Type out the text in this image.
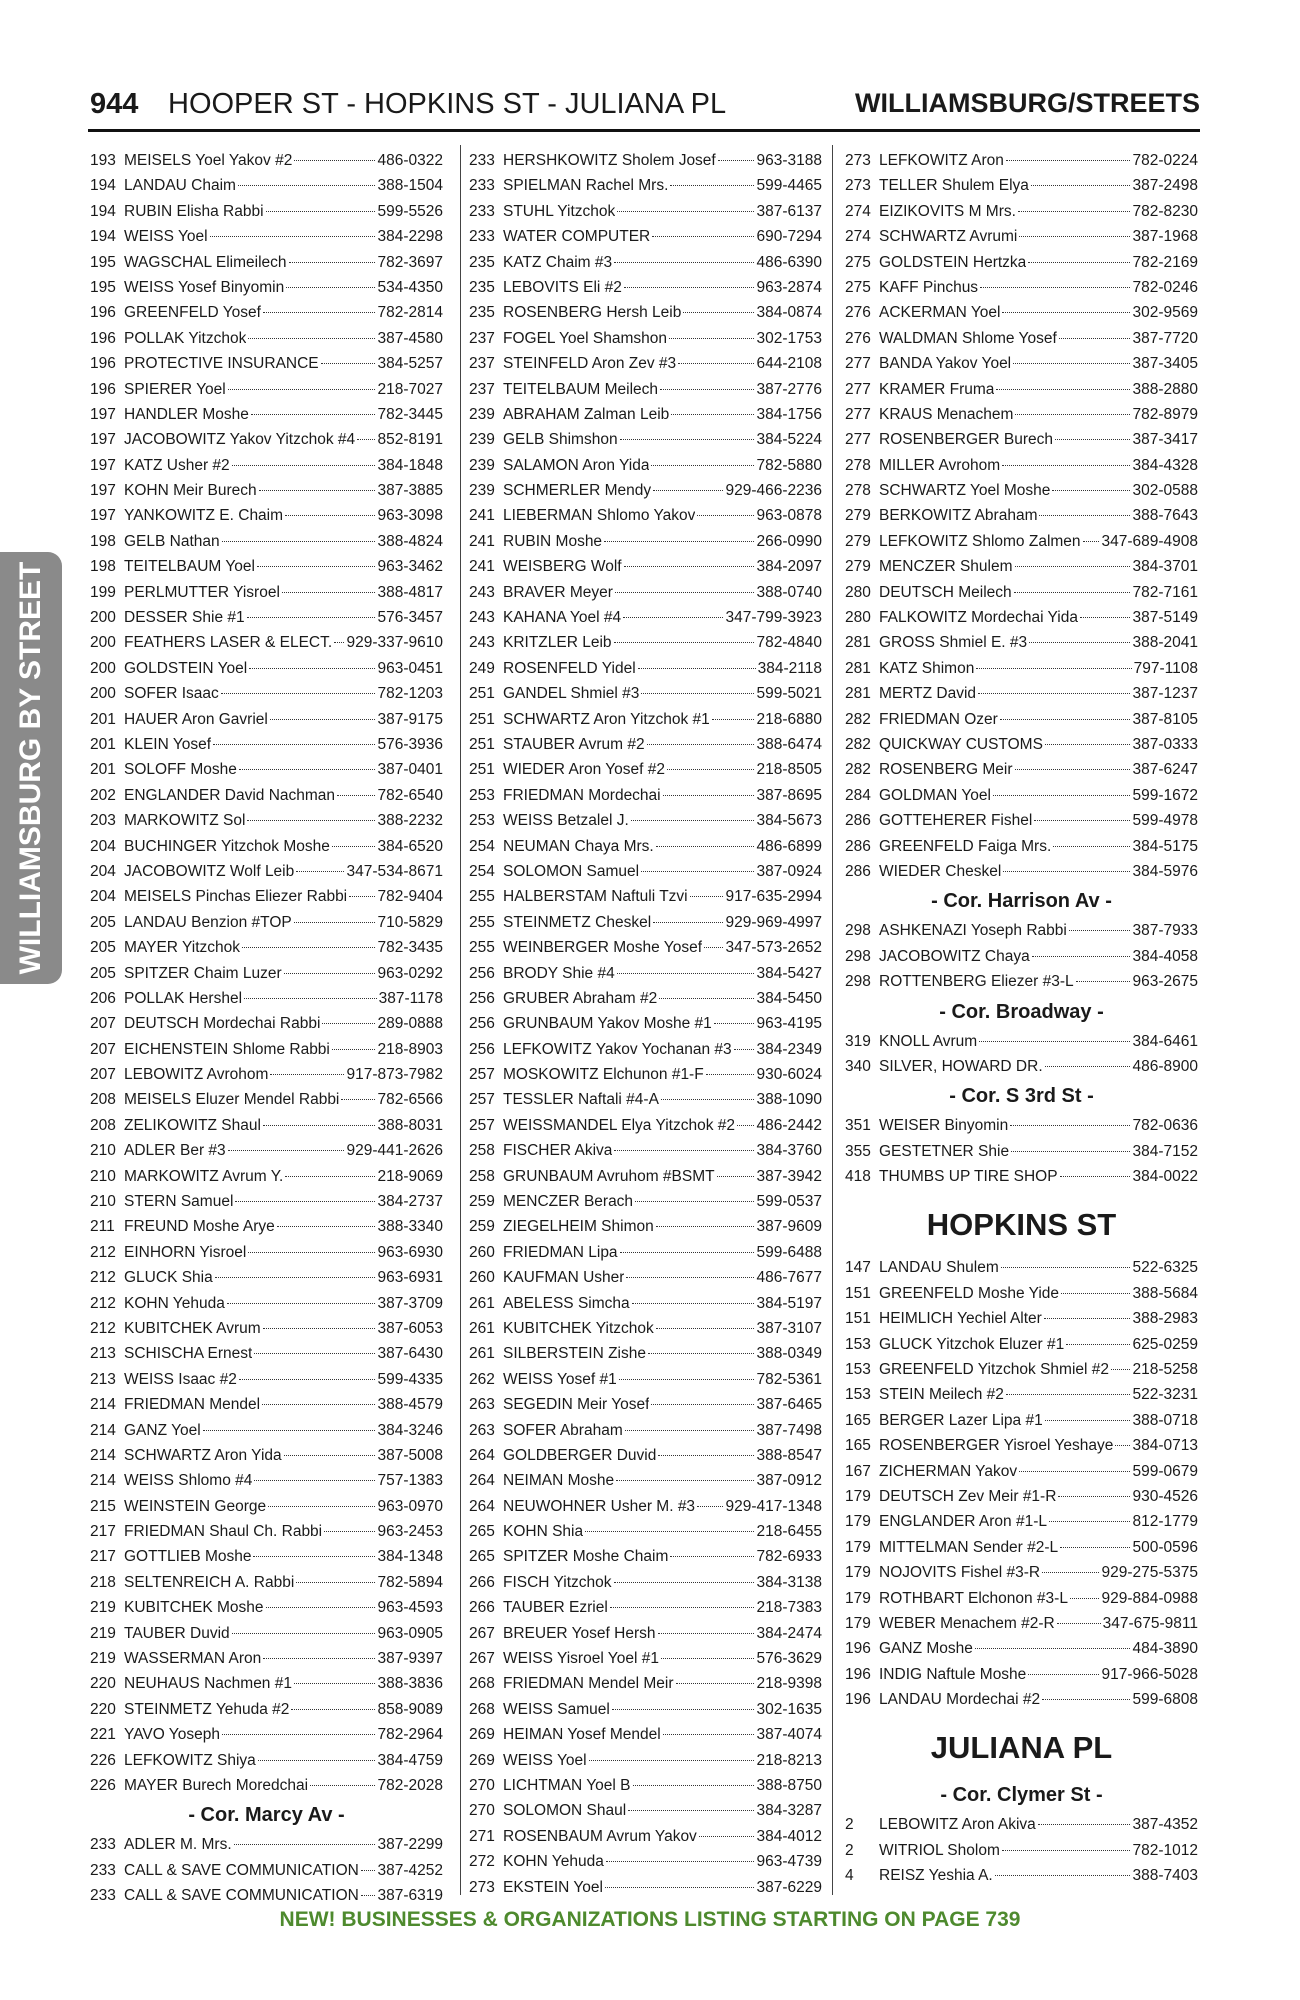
944 HOOPER ST - HOPKINS ST - JULIANA PL	WILLIAMSBURG/STREETS
WILLIAMSBURG BY STREET
193 MEISELS Yoel Yakov #2	486-0322
194 LANDAU Chaim	388-1504
194 RUBIN Elisha Rabbi	599-5526
194 WEISS Yoel	384-2298
195 WAGSCHAL Elimeilech	782-3697
195 WEISS Yosef Binyomin	534-4350
196 GREENFELD Yosef	782-2814
196 POLLAK Yitzchok	387-4580
196 PROTECTIVE INSURANCE	384-5257
196 SPIERER Yoel	218-7027
197 HANDLER Moshe	782-3445
197 JACOBOWITZ Yakov Yitzchok #4 852-8191
197 KATZ Usher #2	384-1848
197 KOHN Meir Burech	387-3885
197 YANKOWITZ E. Chaim	963-3098
198 GELB Nathan	388-4824
198 TEITELBAUM Yoel	963-3462
199 PERLMUTTER Yisroel	388-4817
200 DESSER Shie #1	576-3457
200 FEATHERS LASER & ELECT. 929-337-9610
200 GOLDSTEIN Yoel	963-0451
200 SOFER Isaac	782-1203
201 HAUER Aron Gavriel	387-9175
201 KLEIN Yosef	576-3936
201 SOLOFF Moshe	387-0401
202 ENGLANDER David Nachman	782-6540
203 MARKOWITZ Sol	388-2232
204 BUCHINGER Yitzchok Moshe	384-6520
204 JACOBOWITZ Wolf Leib	347-534-8671
204 MEISELS Pinchas Eliezer Rabbi 782-9404
205 LANDAU Benzion #TOP	710-5829
205 MAYER Yitzchok	782-3435
205 SPITZER Chaim Luzer	963-0292
206 POLLAK Hershel	387-1178
207 DEUTSCH Mordechai Rabbi	289-0888
207 EICHENSTEIN Shlome Rabbi	218-8903
207 LEBOWITZ Avrohom	917-873-7982
208 MEISELS Eluzer Mendel Rabbi 782-6566
208 ZELIKOWITZ Shaul	388-8031
210 ADLER Ber #3	929-441-2626
210 MARKOWITZ Avrum Y.	218-9069
210 STERN Samuel	384-2737
211 FREUND Moshe Arye	388-3340
212 EINHORN Yisroel	963-6930
212 GLUCK Shia	963-6931
212 KOHN Yehuda	387-3709
212 KUBITCHEK Avrum	387-6053
213 SCHISCHA Ernest	387-6430
213 WEISS Isaac #2	599-4335
214 FRIEDMAN Mendel	388-4579
214 GANZ Yoel	384-3246
214 SCHWARTZ Aron Yida	387-5008
214 WEISS Shlomo #4	757-1383
215 WEINSTEIN George	963-0970
217 FRIEDMAN Shaul Ch. Rabbi	963-2453
217 GOTTLIEB Moshe	384-1348
218 SELTENREICH A. Rabbi	782-5894
219 KUBITCHEK Moshe	963-4593
219 TAUBER Duvid	963-0905
219 WASSERMAN Aron	387-9397
220 NEUHAUS Nachmen #1	388-3836
220 STEINMETZ Yehuda #2	858-9089
221 YAVO Yoseph	782-2964
226 LEFKOWITZ Shiya	384-4759
226 MAYER Burech Moredchai	782-2028
- Cor. Marcy Av -
233 ADLER M. Mrs.	387-2299
233 CALL & SAVE COMMUNICATION 387-4252
233 CALL & SAVE COMMUNICATION 387-6319
233 HERSHKOWITZ Sholem Josef	963-3188
233 SPIELMAN Rachel Mrs.	599-4465
233 STUHL Yitzchok	387-6137
233 WATER COMPUTER	690-7294
235 KATZ Chaim #3	486-6390
235 LEBOVITS Eli #2	963-2874
235 ROSENBERG Hersh Leib	384-0874
237 FOGEL Yoel Shamshon	302-1753
237 STEINFELD Aron Zev #3	644-2108
237 TEITELBAUM Meilech	387-2776
239 ABRAHAM Zalman Leib	384-1756
239 GELB Shimshon	384-5224
239 SALAMON Aron Yida	782-5880
239 SCHMERLER Mendy	929-466-2236
241 LIEBERMAN Shlomo Yakov	963-0878
241 RUBIN Moshe	266-0990
241 WEISBERG Wolf	384-2097
243 BRAVER Meyer	388-0740
243 KAHANA Yoel #4	347-799-3923
243 KRITZLER Leib	782-4840
249 ROSENFELD Yidel	384-2118
251 GANDEL Shmiel #3	599-5021
251 SCHWARTZ Aron Yitzchok #1	218-6880
251 STAUBER Avrum #2	388-6474
251 WIEDER Aron Yosef #2	218-8505
253 FRIEDMAN Mordechai	387-8695
253 WEISS Betzalel J.	384-5673
254 NEUMAN Chaya Mrs.	486-6899
254 SOLOMON Samuel	387-0924
255 HALBERSTAM Naftuli Tzvi 917-635-2994
255 STEINMETZ Cheskel	929-969-4997
255 WEINBERGER Moshe Yosef 347-573-2652
256 BRODY Shie #4	384-5427
256 GRUBER Abraham #2	384-5450
256 GRUNBAUM Yakov Moshe #1	963-4195
256 LEFKOWITZ Yakov Yochanan #3 384-2349
257 MOSKOWITZ Elchunon #1-F	930-6024
257 TESSLER Naftali #4-A	388-1090
257 WEISSMANDEL Elya Yitzchok #2 486-2442
258 FISCHER Akiva	384-3760
258 GRUNBAUM Avruhom #BSMT	387-3942
259 MENCZER Berach	599-0537
259 ZIEGELHEIM Shimon	387-9609
260 FRIEDMAN Lipa	599-6488
260 KAUFMAN Usher	486-7677
261 ABELESS Simcha	384-5197
261 KUBITCHEK Yitzchok	387-3107
261 SILBERSTEIN Zishe	388-0349
262 WEISS Yosef #1	782-5361
263 SEGEDIN Meir Yosef	387-6465
263 SOFER Abraham	387-7498
264 GOLDBERGER Duvid	388-8547
264 NEIMAN Moshe	387-0912
264 NEUWOHNER Usher M. #3 929-417-1348
265 KOHN Shia	218-6455
265 SPITZER Moshe Chaim	782-6933
266 FISCH Yitzchok	384-3138
266 TAUBER Ezriel	218-7383
267 BREUER Yosef Hersh	384-2474
267 WEISS Yisroel Yoel #1	576-3629
268 FRIEDMAN Mendel Meir	218-9398
268 WEISS Samuel	302-1635
269 HEIMAN Yosef Mendel	387-4074
269 WEISS Yoel	218-8213
270 LICHTMAN Yoel B	388-8750
270 SOLOMON Shaul	384-3287
271 ROSENBAUM Avrum Yakov	384-4012
272 KOHN Yehuda	963-4739
273 EKSTEIN Yoel	387-6229
273 LEFKOWITZ Aron	782-0224
273 TELLER Shulem Elya	387-2498
274 EIZIKOVITS M Mrs.	782-8230
274 SCHWARTZ Avrumi	387-1968
275 GOLDSTEIN Hertzka	782-2169
275 KAFF Pinchus	782-0246
276 ACKERMAN Yoel	302-9569
276 WALDMAN Shlome Yosef	387-7720
277 BANDA Yakov Yoel	387-3405
277 KRAMER Fruma	388-2880
277 KRAUS Menachem	782-8979
277 ROSENBERGER Burech	387-3417
278 MILLER Avrohom	384-4328
278 SCHWARTZ Yoel Moshe	302-0588
279 BERKOWITZ Abraham	388-7643
279 LEFKOWITZ Shlomo Zalmen 347-689-4908
279 MENCZER Shulem	384-3701
280 DEUTSCH Meilech	782-7161
280 FALKOWITZ Mordechai Yida	387-5149
281 GROSS Shmiel E. #3	388-2041
281 KATZ Shimon	797-1108
281 MERTZ David	387-1237
282 FRIEDMAN Ozer	387-8105
282 QUICKWAY CUSTOMS	387-0333
282 ROSENBERG Meir	387-6247
284 GOLDMAN Yoel	599-1672
286 GOTTEHERER Fishel	599-4978
286 GREENFELD Faiga Mrs.	384-5175
286 WIEDER Cheskel	384-5976
- Cor. Harrison Av -
298 ASHKENAZI Yoseph Rabbi	387-7933
298 JACOBOWITZ Chaya	384-4058
298 ROTTENBERG Eliezer #3-L	963-2675
- Cor. Broadway -
319 KNOLL Avrum	384-6461
340 SILVER, HOWARD DR.	486-8900
- Cor. S 3rd St -
351 WEISER Binyomin	782-0636
355 GESTETNER Shie	384-7152
418 THUMBS UP TIRE SHOP	384-0022
HOPKINS ST
147 LANDAU Shulem	522-6325
151 GREENFELD Moshe Yide	388-5684
151 HEIMLICH Yechiel Alter	388-2983
153 GLUCK Yitzchok Eluzer #1	625-0259
153 GREENFELD Yitzchok Shmiel #2 218-5258
153 STEIN Meilech #2	522-3231
165 BERGER Lazer Lipa #1	388-0718
165 ROSENBERGER Yisroel Yeshaye 384-0713
167 ZICHERMAN Yakov	599-0679
179 DEUTSCH Zev Meir #1-R	930-4526
179 ENGLANDER Aron #1-L	812-1779
179 MITTELMAN Sender #2-L	500-0596
179 NOJOVITS Fishel #3-R	929-275-5375
179 ROTHBART Elchonon #3-L 929-884-0988
179 WEBER Menachem #2-R	347-675-9811
196 GANZ Moshe	484-3890
196 INDIG Naftule Moshe	917-966-5028
196 LANDAU Mordechai #2	599-6808
JULIANA PL
- Cor. Clymer St -
2	LEBOWITZ Aron Akiva	387-4352
2	WITRIOL Sholom	782-1012
4	REISZ Yeshia A.	388-7403
NEW! BUSINESSES & ORGANIZATIONS LISTING STARTING ON PAGE 739
